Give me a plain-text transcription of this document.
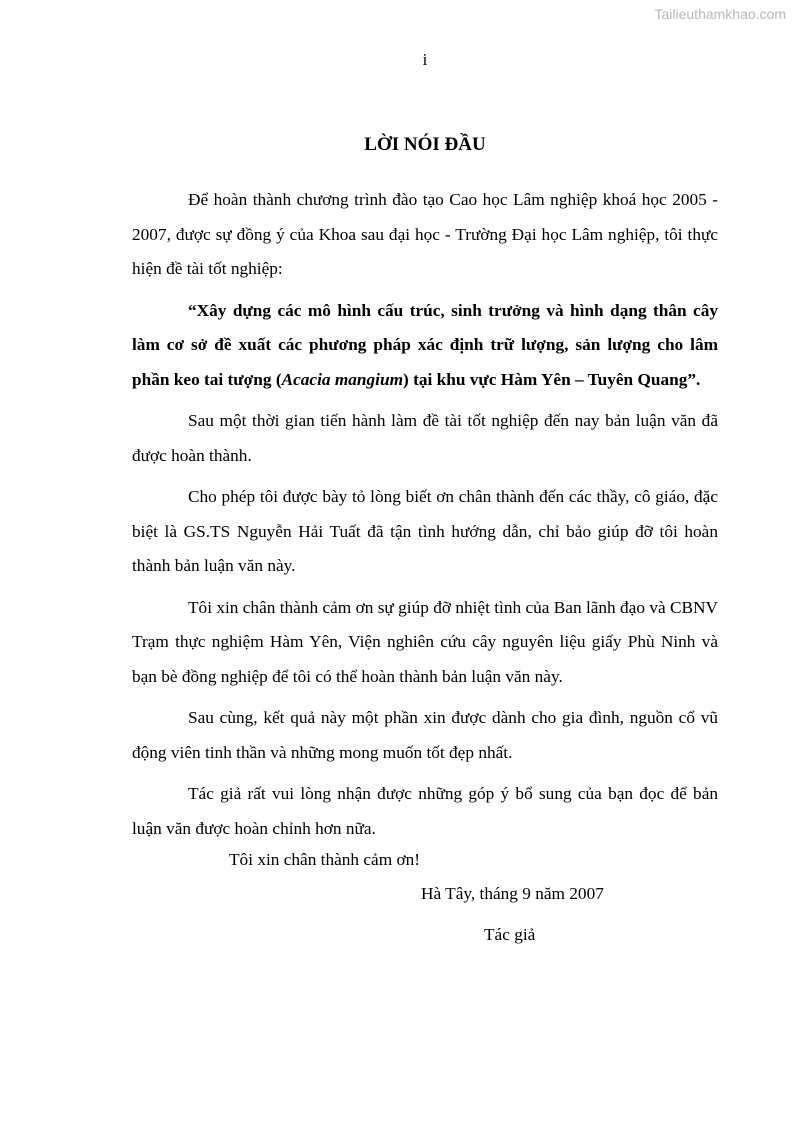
Tailieuthamkhao.com
i
LỜI NÓI ĐẦU

Để hoàn thành chương trình đào tạo Cao học Lâm nghiệp khoá học 2005 - 2007, được sự đồng ý của Khoa sau đại học - Trường Đại học Lâm nghiệp, tôi thực hiện đề tài tốt nghiệp:

“Xây dựng các mô hình cấu trúc, sinh trưởng và hình dạng thân cây làm cơ sở đề xuất các phương pháp xác định trữ lượng, sản lượng cho lâm phần keo tai tượng (Acacia mangium) tại khu vực Hàm Yên – Tuyên Quang”.

Sau một thời gian tiến hành làm đề tài tốt nghiệp đến nay bản luận văn đã được hoàn thành.

Cho phép tôi được bày tỏ lòng biết ơn chân thành đến các thầy, cô giáo, đặc biệt là GS.TS Nguyễn Hải Tuất đã tận tình hướng dẫn, chỉ bảo giúp đỡ tôi hoàn thành bản luận văn này.

Tôi xin chân thành cảm ơn sự giúp đỡ nhiệt tình của Ban lãnh đạo và CBNV Trạm thực nghiệm Hàm Yên, Viện nghiên cứu cây nguyên liệu giấy Phù Ninh và bạn bè đồng nghiệp để tôi có thể hoàn thành bản luận văn này.

Sau cùng, kết quả này một phần xin được dành cho gia đình, nguồn cổ vũ động viên tinh thần và những mong muốn tốt đẹp nhất.

Tác giả rất vui lòng nhận được những góp ý bổ sung của bạn đọc để bản luận văn được hoàn chỉnh hơn nữa.

Tôi xin chân thành cảm ơn!
Hà Tây, tháng 9 năm 2007
Tác giả
